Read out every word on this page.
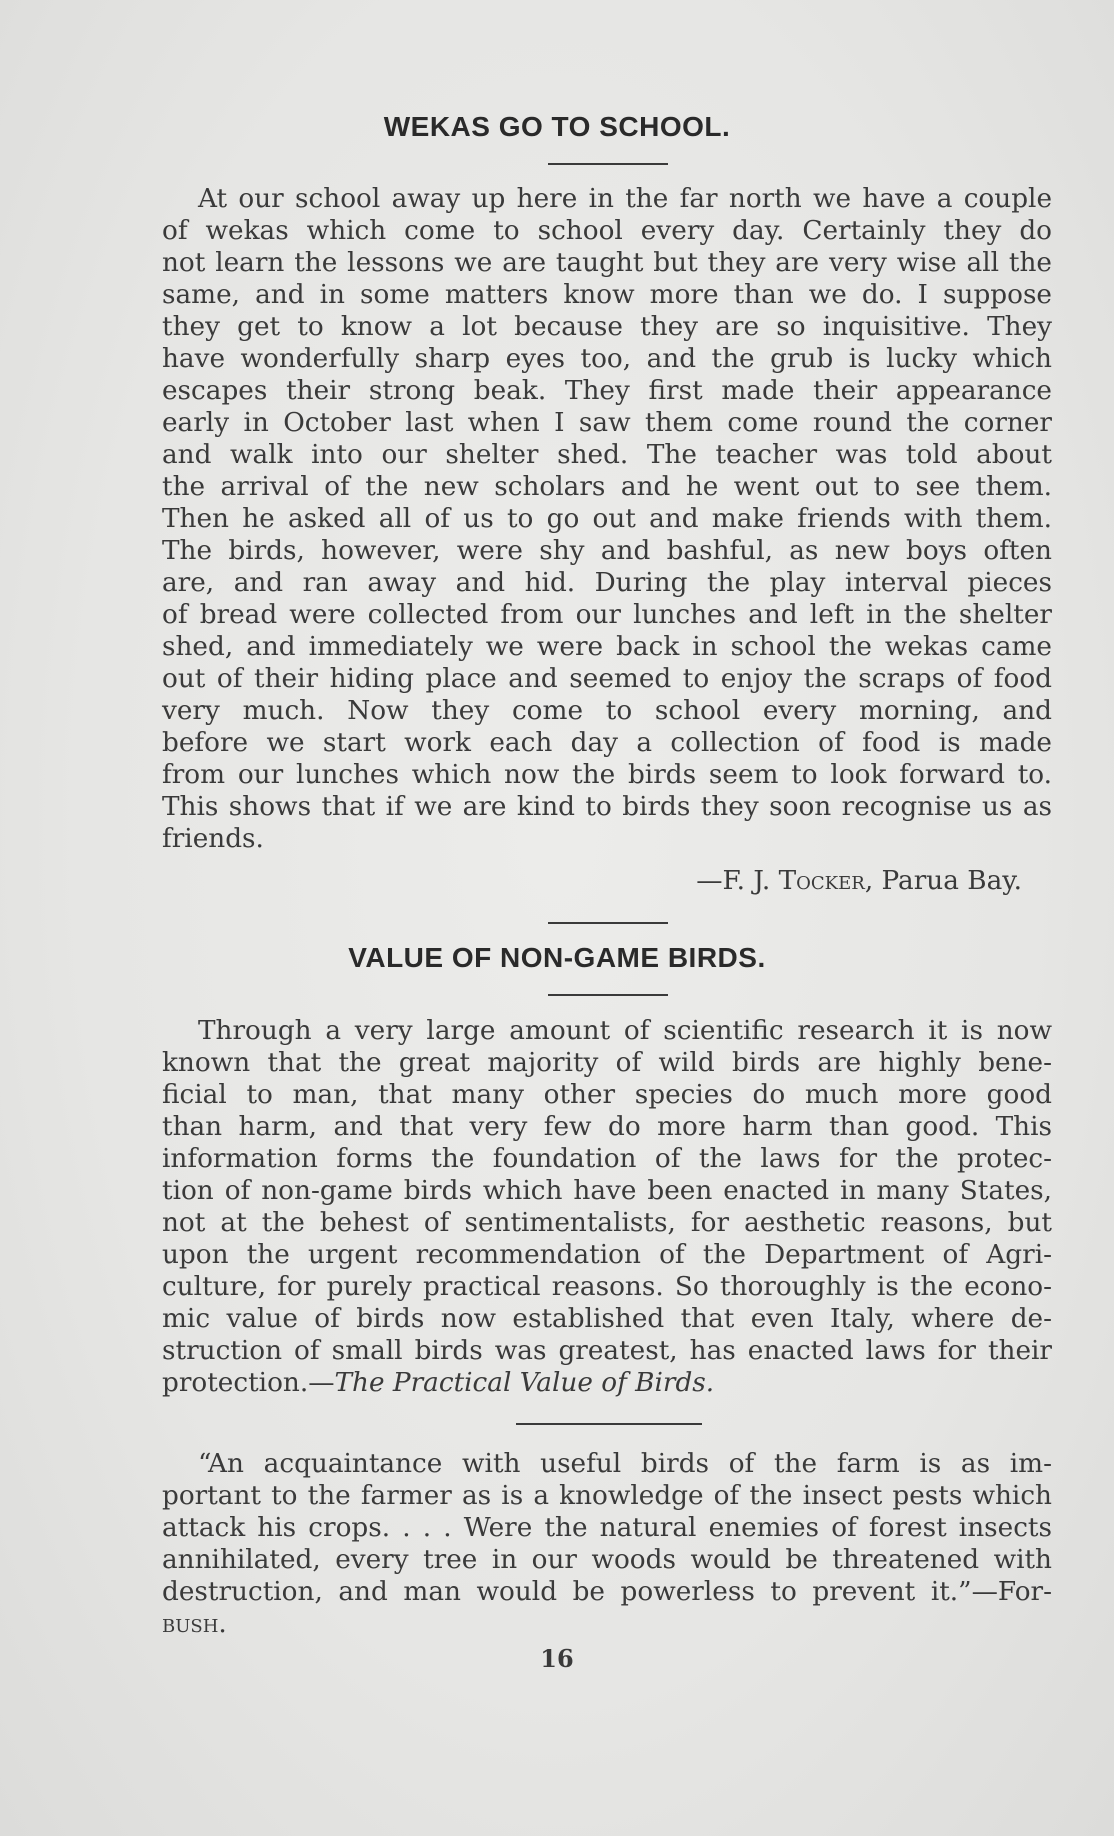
WEKAS GO TO SCHOOL.
At our school away up here in the far north we have a couple
of wekas which come to school every day. Certainly they do
not learn the lessons we are taught but they are very wise all the
same, and in some matters know more than we do. I suppose
they get to know a lot because they are so inquisitive. They
have wonderfully sharp eyes too, and the grub is lucky which
escapes their strong beak. They first made their appearance
early in October last when I saw them come round the corner
and walk into our shelter shed. The teacher was told about
the arrival of the new scholars and he went out to see them.
Then he asked all of us to go out and make friends with them.
The birds, however, were shy and bashful, as new boys often
are, and ran away and hid. During the play interval pieces
of bread were collected from our lunches and left in the shelter
shed, and immediately we were back in school the wekas came
out of their hiding place and seemed to enjoy the scraps of food
very much. Now they come to school every morning, and
before we start work each day a collection of food is made
from our lunches which now the birds seem to look forward to.
This shows that if we are kind to birds they soon recognise us as
friends.
—F. J. Tocker, Parua Bay.
VALUE OF NON-GAME BIRDS.
Through a very large amount of scientific research it is now
known that the great majority of wild birds are highly bene-
ficial to man, that many other species do much more good
than harm, and that very few do more harm than good. This
information forms the foundation of the laws for the protec-
tion of non-game birds which have been enacted in many States,
not at the behest of sentimentalists, for aesthetic reasons, but
upon the urgent recommendation of the Department of Agri-
culture, for purely practical reasons. So thoroughly is the econo-
mic value of birds now established that even Italy, where de-
struction of small birds was greatest, has enacted laws for their
protection.—The Practical Value of Birds.
“An acquaintance with useful birds of the farm is as im-
portant to the farmer as is a knowledge of the insect pests which
attack his crops. . . . Were the natural enemies of forest insects
annihilated, every tree in our woods would be threatened with
destruction, and man would be powerless to prevent it.”—For-
bush.
16
